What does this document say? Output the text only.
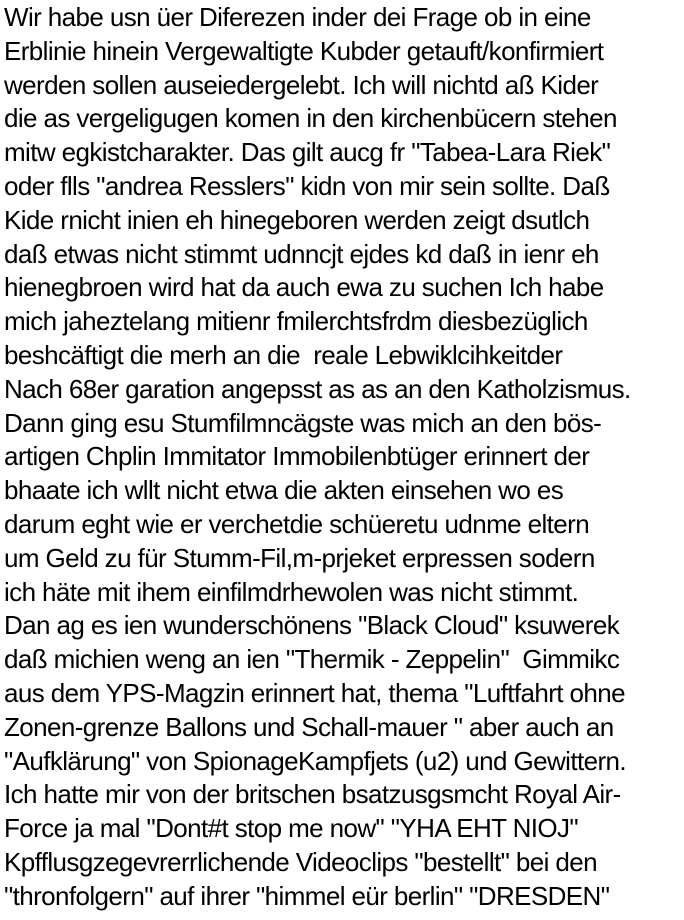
Wir habe usn üer Diferezen inder dei Frage ob in eine
Erblinie hinein Vergewaltigte Kubder getauft/konfirmiert
werden sollen auseiedergelebt. Ich will nichtd aß Kider
die as vergeligugen komen in den kirchenbücern stehen
mitw egkistcharakter. Das gilt aucg fr "Tabea-Lara Riek"
oder flls "andrea Resslers" kidn von mir sein sollte. Daß
Kide rnicht inien eh hinegeboren werden zeigt dsutlch
daß etwas nicht stimmt udnncjt ejdes kd daß in ienr eh
hienegbroen wird hat da auch ewa zu suchen Ich habe
mich jaheztelang mitienr fmilerchtsfrdm diesbezüglich
beshcäftigt die merh an die  reale Lebwiklcihkeitder
Nach 68er garation angepsst as as an den Katholzismus.
Dann ging esu Stumfilmncägste was mich an den bös-
artigen Chplin Immitator Immobilenbtüger erinnert der
bhaate ich wllt nicht etwa die akten einsehen wo es
darum eght wie er verchetdie schüeretu udnme eltern
um Geld zu für Stumm-Fil,m-prjeket erpressen sodern
ich häte mit ihem einfilmdrhewolen was nicht stimmt.
Dan ag es ien wunderschönens "Black Cloud" ksuwerek
daß michien weng an ien "Thermik - Zeppelin"  Gimmikc
aus dem YPS-Magzin erinnert hat, thema "Luftfahrt ohne
Zonen-grenze Ballons und Schall-mauer " aber auch an
"Aufklärung" von SpionageKampfjets (u2) und Gewittern.
Ich hatte mir von der britschen bsatzusgsmcht Royal Air-
Force ja mal "Dont#t stop me now" "YHA EHT NIOJ"
Kpfflusgzegevrerrlichende Videoclips "bestellt" bei den
"thronfolgern" auf ihrer "himmel eür berlin" "DRESDEN"
